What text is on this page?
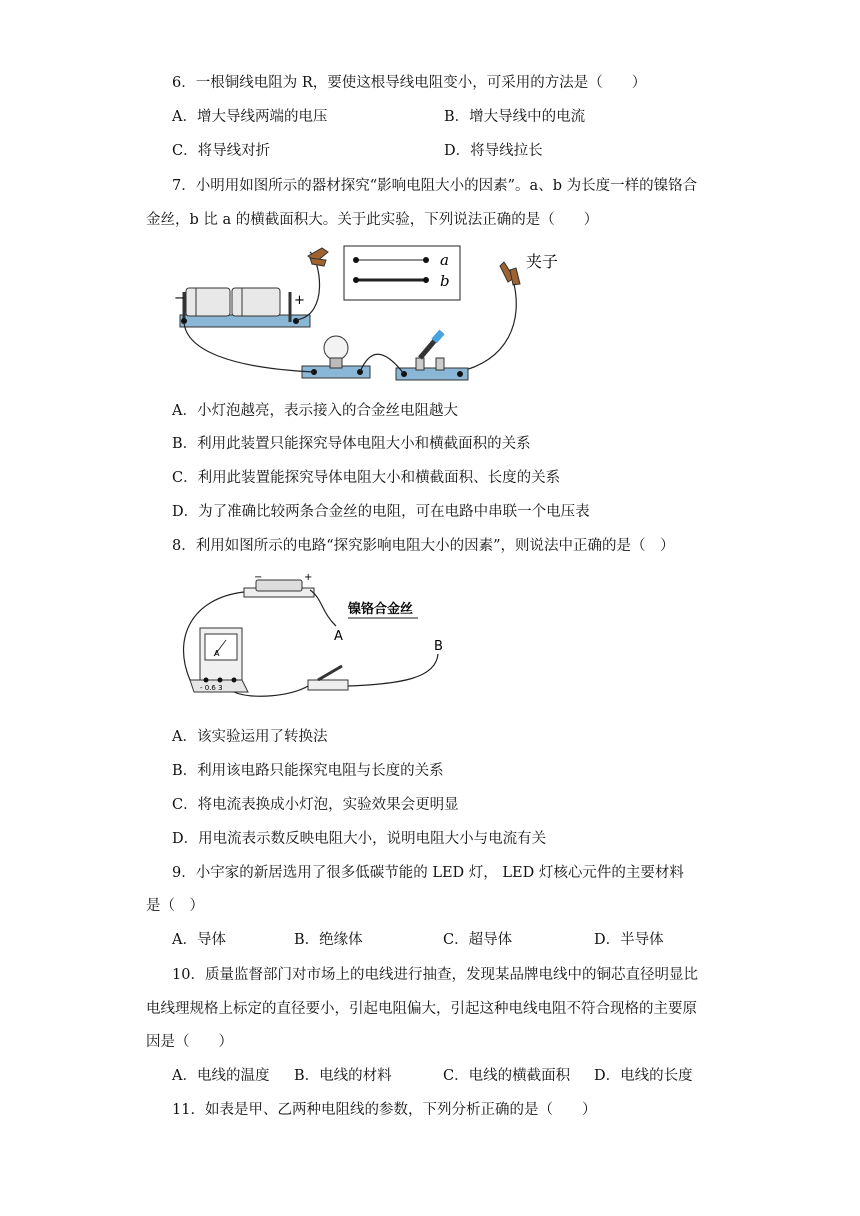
6．一根铜线电阻为 R，要使这根导线电阻变小，可采用的方法是（　　）
A．增大导线两端的电压	B．增大导线中的电流
C．将导线对折	D．将导线拉长
7．小明用如图所示的器材探究“影响电阻大小的因素”。a、b 为长度一样的镍铬合
金丝，b 比 a 的横截面积大。关于此实验，下列说法正确的是（　　）
−	+
a
b
夹子
A．小灯泡越亮，表示接入的合金丝电阻越大
B．利用此装置只能探究导体电阻大小和横截面积的关系
C．利用此装置能探究导体电阻大小和横截面积、长度的关系
D．为了准确比较两条合金丝的电阻，可在电路中串联一个电压表
8．利用如图所示的电路“探究影响电阻大小的因素”，则说法中正确的是（　）
−	+
镍铬合金丝
A
B
A
- 0.6 3
A．该实验运用了转换法
B．利用该电路只能探究电阻与长度的关系
C．将电流表换成小灯泡，实验效果会更明显
D．用电流表示数反映电阻大小，说明电阻大小与电流有关
9．小宇家的新居选用了很多低碳节能的 LED 灯， LED 灯核心元件的主要材料
是（　）
A．导体	B．绝缘体	C．超导体	D．半导体
10．质量监督部门对市场上的电线进行抽查，发现某品牌电线中的铜芯直径明显比
电线理规格上标定的直径要小，引起电阻偏大，引起这种电线电阻不符合现格的主要原
因是（　　）
A．电线的温度 B．电线的材料	C．电线的横截面积 D．电线的长度
11．如表是甲、乙两种电阻线的参数，下列分析正确的是（　　）
